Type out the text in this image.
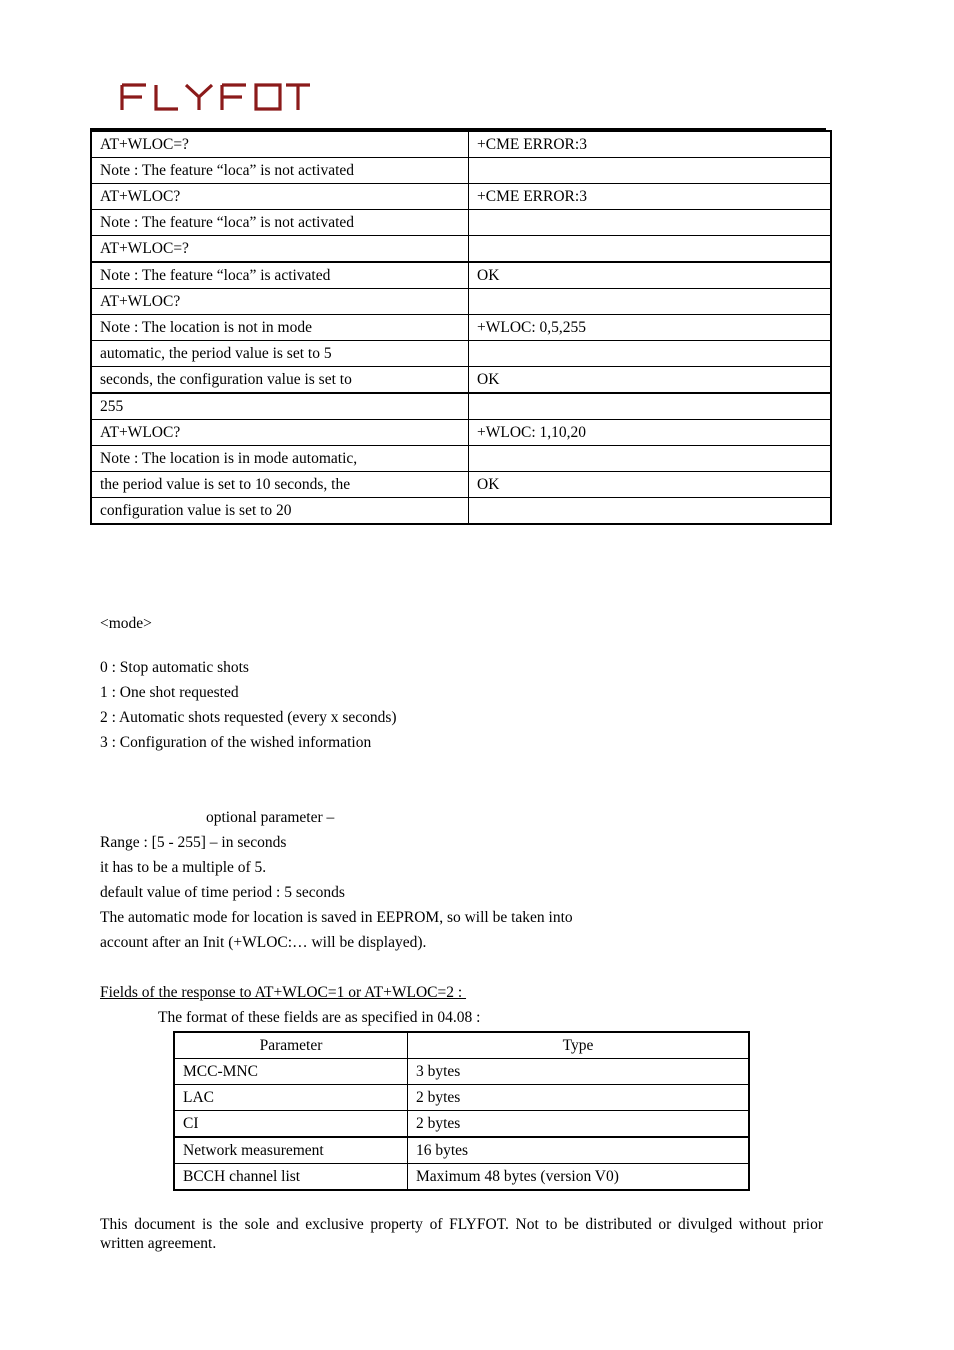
AT+WLOC=?	+CME ERROR:3
Note : The feature “loca” is not activated	
AT+WLOC?	+CME ERROR:3
Note : The feature “loca” is not activated	
AT+WLOC=?	
Note : The feature “loca” is activated	OK
AT+WLOC?	
Note : The location is not in mode	+WLOC: 0,5,255
automatic, the period value is set to 5	
seconds, the configuration value is set to	OK
255	
AT+WLOC?	+WLOC: 1,10,20
Note : The location is in mode automatic,	
the period value is set to 10 seconds, the	OK
configuration value is set to 20	
<mode>
0 : Stop automatic shots
1 : One shot requested
2 : Automatic shots requested (every x seconds)
3 : Configuration of the wished information
optional parameter –
Range : [5 - 255] – in seconds
it has to be a multiple of 5.
default value of time period : 5 seconds
The automatic mode for location is saved in EEPROM, so will be taken into
account after an Init (+WLOC:… will be displayed).
Fields of the response to AT+WLOC=1 or AT+WLOC=2 :
The format of these fields are as specified in 04.08 :
Parameter	Type
MCC-MNC	3 bytes
LAC	2 bytes
CI	2 bytes
Network measurement	16 bytes
BCCH channel list	Maximum 48 bytes (version V0)
This document is the sole and exclusive property of FLYFOT. Not to be distributed or divulged without prior written agreement.
